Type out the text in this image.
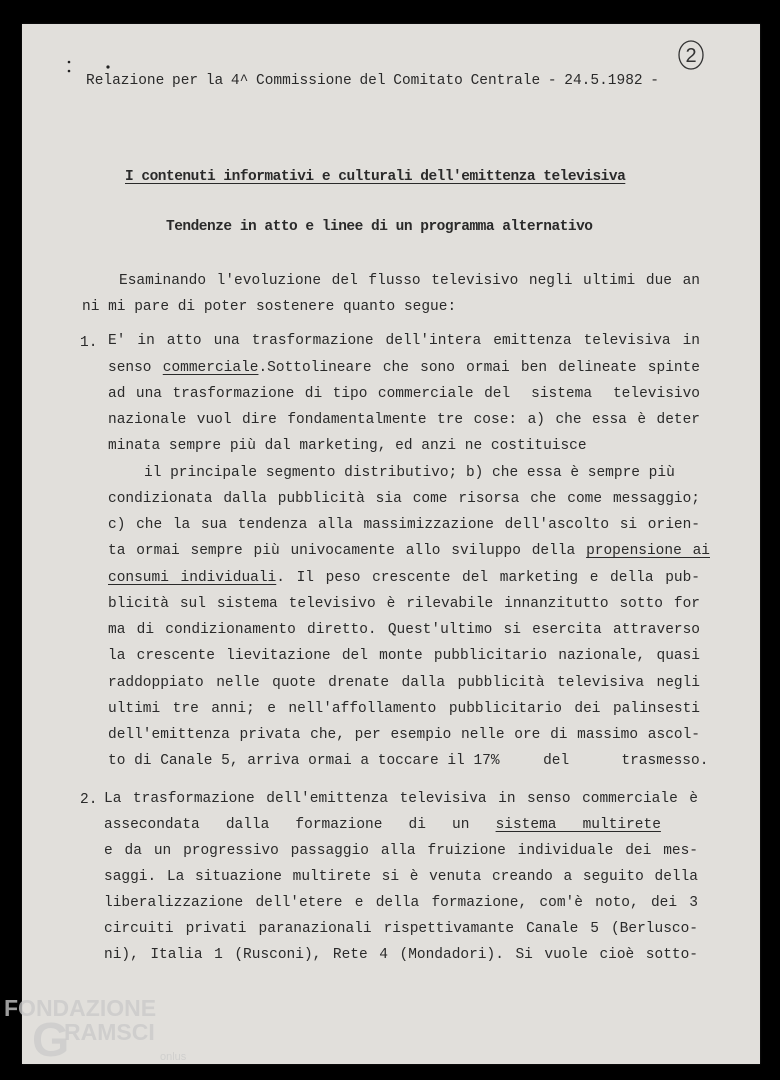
2
Relazione per la 4^ Commissione del Comitato Centrale - 24.5.1982 -
I contenuti informativi e culturali dell'emittenza televisiva
Tendenze in atto e linee di un programma alternativo
Esaminando l'evoluzione del flusso televisivo negli ultimi due an
ni mi pare di poter sostenere quanto segue:
1. E' in atto una trasformazione dell'intera emittenza televisiva in
senso commerciale.Sottolineare che sono ormai ben delineate spinte
ad una trasformazione di tipo commerciale del  sistema  televisivo
nazionale vuol dire fondamentalmente tre cose: a) che essa è deter
minata sempre più dal marketing, ed anzi ne costituisce
il principale segmento distributivo; b) che essa è sempre più
condizionata dalla pubblicità sia come risorsa che come messaggio;
c) che la sua tendenza alla massimizzazione dell'ascolto si orien-
ta ormai sempre più univocamente allo sviluppo della propensione ai
consumi individuali. Il peso crescente del marketing e della pub-
blicità sul sistema televisivo è rilevabile innanzitutto sotto for
ma di condizionamento diretto. Quest'ultimo si esercita attraverso
la crescente lievitazione del monte pubblicitario nazionale, quasi
raddoppiato nelle quote drenate dalla pubblicità televisiva negli
ultimi tre anni; e nell'affollamento pubblicitario dei palinsesti
dell'emittenza privata che, per esempio nelle ore di massimo ascol-
to di Canale 5, arriva ormai a toccare il 17%     del      trasmesso.
2. La trasformazione dell'emittenza televisiva in senso commerciale è
assecondata   dalla   formazione   di   un   sistema   multirete
e da un progressivo passaggio alla fruizione individuale dei mes-
saggi. La situazione multirete si è venuta creando a seguito della
liberalizzazione dell'etere e della formazione, com'è noto, dei 3
circuiti privati paranazionali rispettivamante Canale 5 (Berlusco-
ni), Italia 1 (Rusconi), Rete 4 (Mondadori). Si vuole cioè sotto-
FONDAZIONE
G
RAMSCI
onlus
